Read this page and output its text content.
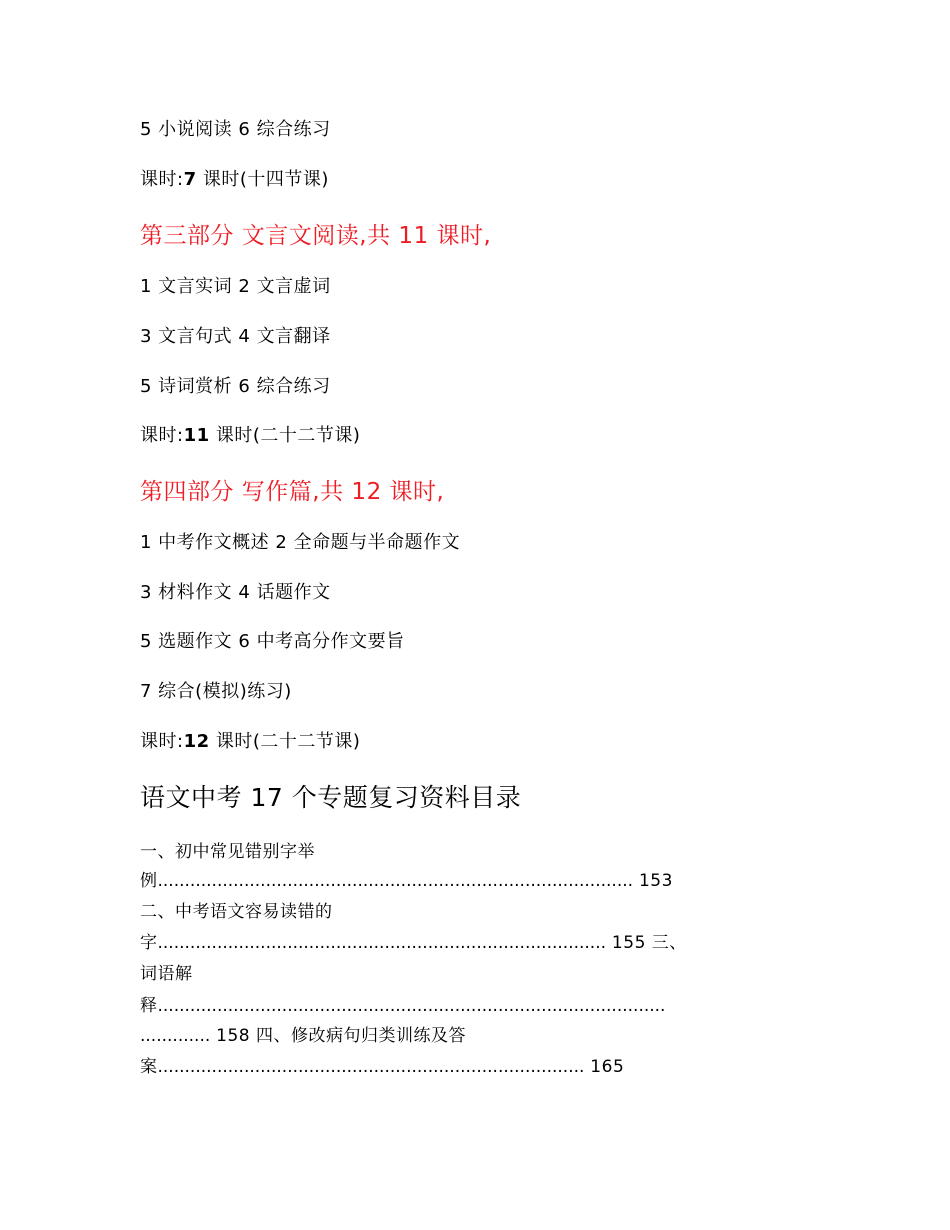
5 小说阅读 6 综合练习
课时:7 课时(十四节课)
第三部分 文言文阅读,共 11 课时,
1 文言实词 2 文言虚词
3 文言句式 4 文言翻译
5 诗词赏析 6 综合练习
课时:11 课时(二十二节课)
第四部分 写作篇,共 12 课时,
1 中考作文概述 2 全命题与半命题作文
3 材料作文 4 话题作文
5 选题作文 6 中考高分作文要旨
7 综合(模拟)练习)
课时:12 课时(二十二节课)
语文中考 17 个专题复习资料目录
一、初中常见错别字举
例........................................................................................ 153
二、中考语文容易读错的
字................................................................................... 155 三、
词语解
释..............................................................................................
............. 158 四、修改病句归类训练及答
案............................................................................... 165
